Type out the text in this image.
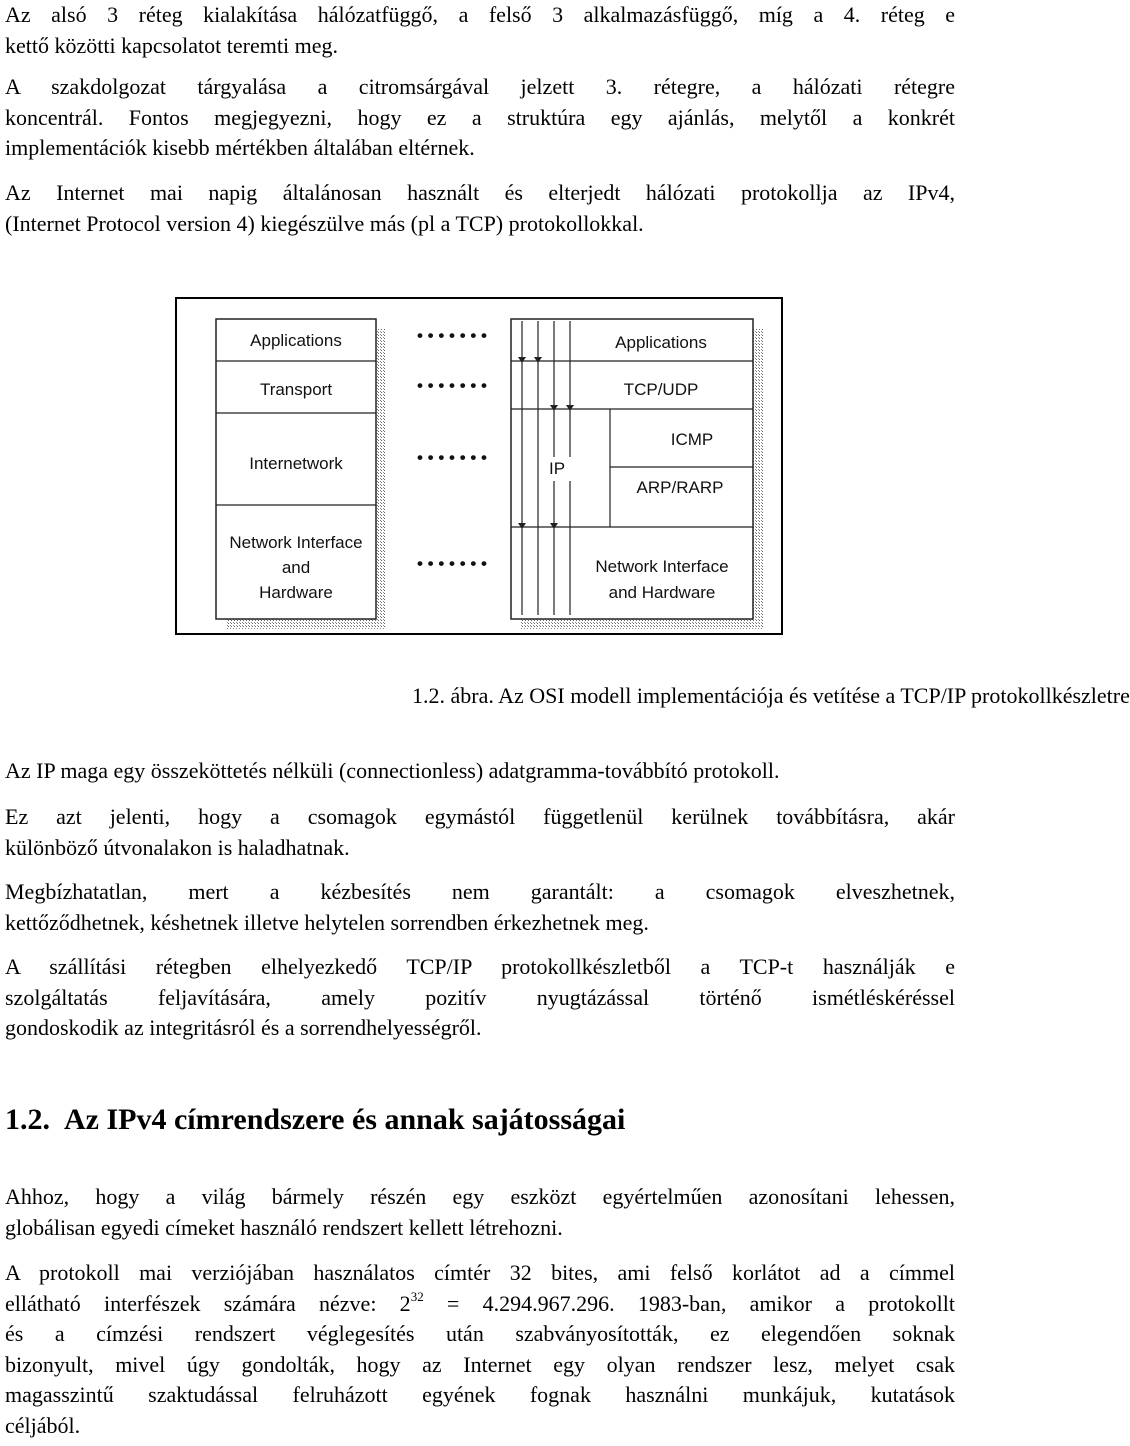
Az alsó 3 réteg kialakítása hálózatfüggő, a felső 3 alkalmazásfüggő, míg a 4. réteg e
kettő közötti kapcsolatot teremti meg.
A szakdolgozat tárgyalása a citromsárgával jelzett 3. rétegre, a hálózati rétegre
koncentrál. Fontos megjegyezni, hogy ez a struktúra egy ajánlás, melytől a konkrét
implementációk kisebb mértékben általában eltérnek.
Az Internet mai napig általánosan használt és elterjedt hálózati protokollja az IPv4,
(Internet Protocol version 4) kiegészülve más (pl a TCP) protokollokkal.
Applications
Transport
Internetwork
Network Interface
and
Hardware
• • • • • • •
• • • • • • •
• • • • • • •
• • • • • • •
Applications
TCP/UDP
IP
ICMP
ARP/RARP
Network Interface
and Hardware

1.2. ábra. Az OSI modell implementációja és vetítése a TCP/IP protokollkészletre

Az IP maga egy összeköttetés nélküli (connectionless) adatgramma-továbbító protokoll.
Ez azt jelenti, hogy a csomagok egymástól függetlenül kerülnek továbbításra, akár
különböző útvonalakon is haladhatnak.
Megbízhatatlan, mert a kézbesítés nem garantált: a csomagok elveszhetnek,
kettőződhetnek, késhetnek illetve helytelen sorrendben érkezhetnek meg.
A szállítási rétegben elhelyezkedő TCP/IP protokollkészletből a TCP-t használják e
szolgáltatás feljavítására, amely pozitív nyugtázással történő ismétléskéréssel
gondoskodik az integritásról és a sorrendhelyességről.
1.2. Az IPv4 címrendszere és annak sajátosságai
Ahhoz, hogy a világ bármely részén egy eszközt egyértelműen azonosítani lehessen,
globálisan egyedi címeket használó rendszert kellett létrehozni.
A protokoll mai verziójában használatos címtér 32 bites, ami felső korlátot ad a címmel
ellátható interfészek számára nézve: $2^{32} = 4.294.967.296$. 1983-ban, amikor a protokollt
és a címzési rendszert véglegesítés után szabványosították, ez elegendően soknak
bizonyult, mivel úgy gondolták, hogy az Internet egy olyan rendszer lesz, melyet csak
magasszintű szaktudással felruházott egyének fognak használni munkájuk, kutatások
céljából.
